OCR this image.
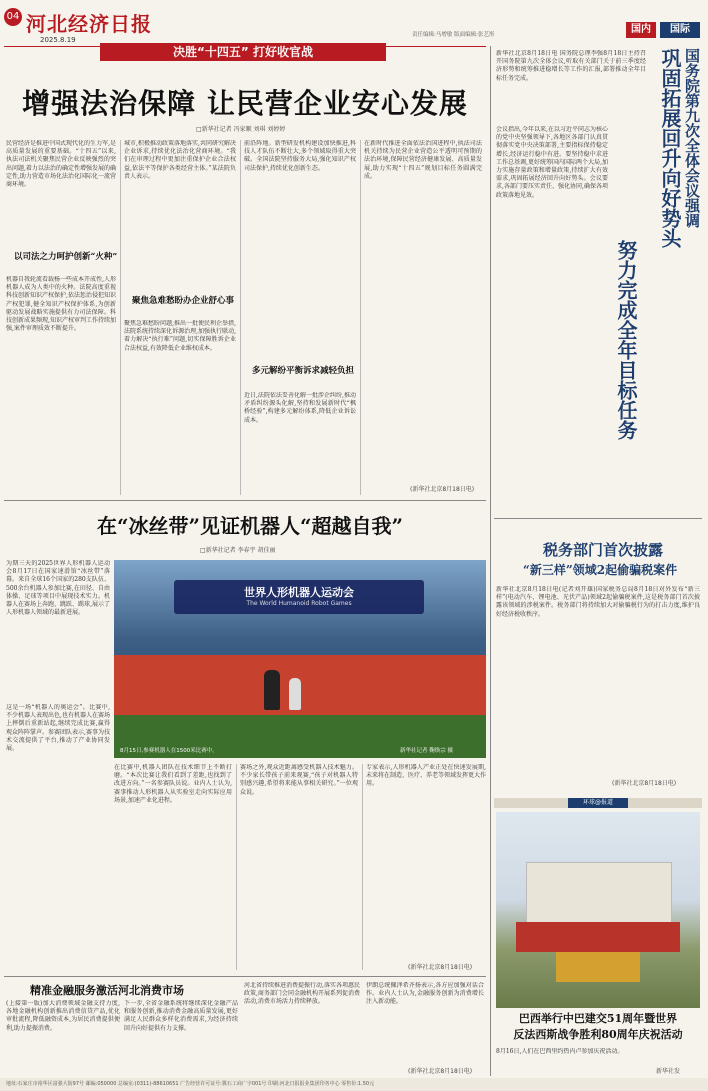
04 河北经济日报
2025.8.19
责任编辑:马增敏 版面编辑:张艺彤	国内	国际
决胜“十四五” 打好收官战
增强法治保障 让民营企业安心发展
□新华社记者 冯家顺 刘琪 刘婷婷
民营经济是推进中国式现代化的生力军,是高质量发展的重要基础。“十四五”以来,执法司法机关聚焦民营企业反映强烈的突出问题,着力以法治的确定性增强发展的确定性,助力营造市场化法治化国际化一流营商环境。
以司法之力呵护创新“火种”
机器自我轮流看载杨一些成本开成性,人形机器人成为人类中的火种。法院高度重视科技创新知识产权保护,依法惩治侵犯知识产权犯罪,健全知识产权保护体系,为创新驱动发展战略实施提供有力司法保障。科技创新成果频现,知识产权审判工作持续加强,案件审理质效不断提升。
城市,积极推动政策落地落实,共同研究解决企业诉求,持续优化法治化营商环境。“我们在审理过程中更加注重保护企业合法权益,依法平等保护各类经营主体。”某法院负责人表示。
聚焦急难愁盼办企业舒心事
聚焦急难愁盼问题,推出一批便民利企举措,法院系统持续深化诉源治理,加强执行联动,着力解决“执行难”问题,切实保障胜诉企业合法权益,有效降低企业维权成本。
前沿阵地。新型研发机构建设加快推进,科技人才队伍不断壮大,多个领域取得重大突破。全国法院坚持服务大局,强化知识产权司法保护,持续优化创新生态。
多元解纷平衡诉求减轻负担
近日,法院依法妥善化解一批涉企纠纷,推动矛盾纠纷源头化解,坚持和发展新时代“枫桥经验”,构建多元解纷体系,降低企业诉讼成本。
在新时代推进全面依法治国进程中,执法司法机关持续为民营企业营造公平透明可预期的法治环境,保障民营经济健康发展、高质量发展,助力实现“十四五”规划目标任务圆满完成。
(新华社北京8月18日电)
在“冰丝带”见证机器人“超越自我”
□新华社记者 李春宇 胡佳丽
为期三天的2025世界人形机器人运动会8月17日在国家速滑馆“冰丝带”落幕。来自全球16个国家的280支队伍、500余台机器人参加比赛,在田径、自由体操、足球等项目中展现技术实力。机器人在赛场上奔跑、跳跃、踢球,展示了人形机器人领域的最新进展。
这是一场“机器人的奥运会”。比赛中,不少机器人表现出色,也有机器人在赛场上摔倒后重新站起,继续完成比赛,赢得观众阵阵掌声。参赛团队表示,赛事为技术交流提供了平台,推动了产业协同发展。
世界人形机器人运动会
The World Humanoid Robot Games
8月15日,参赛机器人在1500米比赛中。	新华社记者 鞠焕宗 摄
在比赛中,机器人团队在技术细节上不断打磨。“本次比赛让我们看到了差距,也找到了改进方向。”一名参赛队员说。业内人士认为,赛事推动人形机器人从实验室走向实际应用场景,加速产业化进程。
赛场之外,观众近距离感受机器人技术魅力。不少家长带孩子前来观赛,“孩子对机器人特别感兴趣,希望将来能从事相关研究。”一位观众说。
专家表示,人形机器人产业正处在快速发展期,未来将在制造、医疗、养老等领域发挥更大作用。
(新华社北京8月18日电)
精准金融服务激活河北消费市场
(上接第一版)加大消费领域金融支持力度,各地金融机构创新推出消费信贷产品,优化审批流程,降低融资成本,为居民消费提供便利,助力提振消费。
下一步,全省金融系统将继续深化金融产品和服务创新,推动消费金融高质量发展,更好满足人民群众多样化消费需求,为经济持续回升向好提供有力支撑。
河北省持续推进消费提振行动,落实各项惠民政策,商务部门会同金融机构开展系列促消费活动,消费市场活力持续释放。
伊朗总统佩泽希齐扬表示,各方应加强对话合作。业内人士认为,金融服务创新为消费增长注入新动能。
(新华社北京8月18日电)
新华社北京8月18日电 国务院总理李强8月18日主持召开国务院第九次全体会议,听取有关部门关于前三季度经济形势和统筹推进稳增长等工作的汇报,部署推动全年目标任务完成。	国务院第九次全体会议强调
巩固拓展回升向好势头
努力完成全年目标任务
会议指出,今年以来,在以习近平同志为核心的党中央坚强领导下,各地区各部门认真贯彻落实党中央决策部署,主要指标保持稳定增长,经济运行稳中有进。要坚持稳中求进工作总基调,更好统筹国内国际两个大局,加力实施存量政策和增量政策,持续扩大有效需求,巩固拓展经济回升向好势头。会议要求,各部门要压实责任、强化协同,确保各项政策落地见效。
税务部门首次披露
“新三样”领域2起偷骗税案件
新华社北京8月18日电(记者刘开雄)国家税务总局8月18日对外发布“新三样”(电动汽车、锂电池、光伏产品)领域2起偷骗税案件,这是税务部门首次披露该领域的涉税案件。税务部门将持续加大对偷骗税行为的打击力度,维护良好经济税收秩序。
(新华社北京8月18日电)
环球@报道
巴西举行中巴建交51周年暨世界
反法西斯战争胜利80周年庆祝活动
8月16日,人们在巴西里约热内卢参加庆祝活动。
新华社发
地址:石家庄市裕华区富强大街97号 邮编:050000 总编室:(0311)-88610651 广告经营许可证号:冀石工商广字001号 印刷:河北日报报业集团印务中心 零售价:1.50元
